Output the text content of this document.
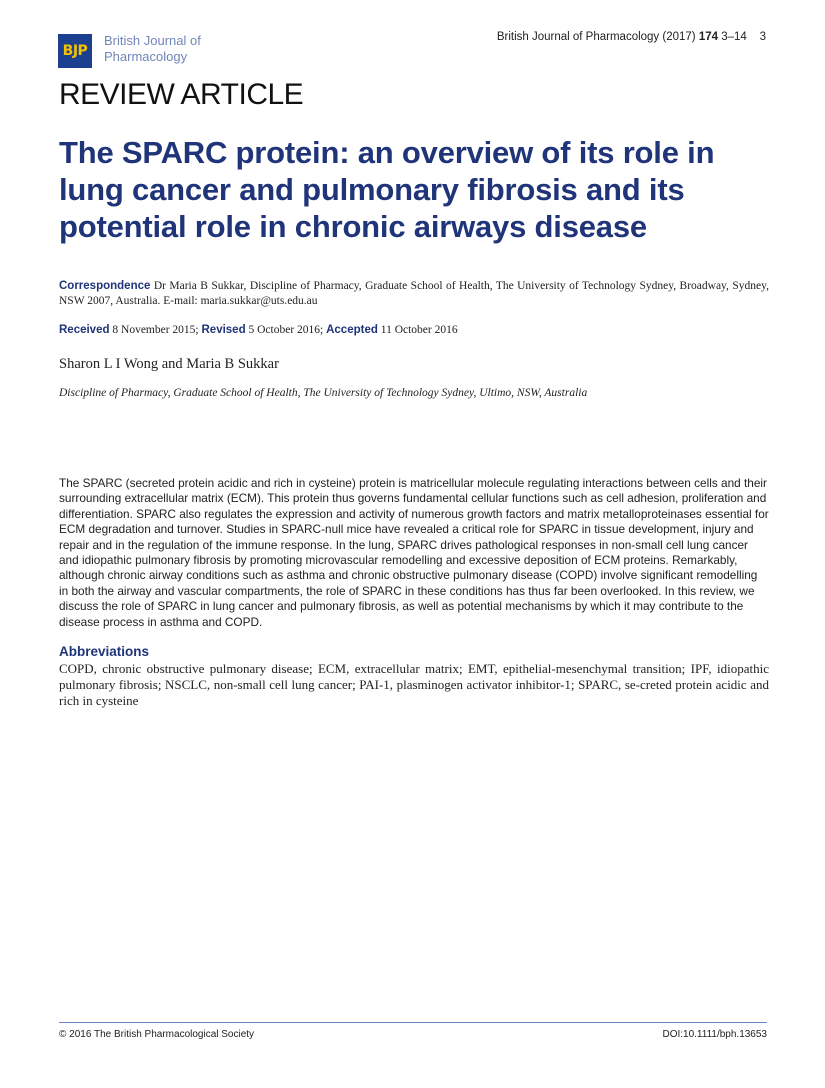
BJP
British Journal of
Pharmacology
British Journal of Pharmacology (2017) 174 3–14 3
REVIEW ARTICLE
The SPARC protein: an overview of its role in lung cancer and pulmonary fibrosis and its potential role in chronic airways disease
Correspondence Dr Maria B Sukkar, Discipline of Pharmacy, Graduate School of Health, The University of Technology Sydney, Broadway, Sydney, NSW 2007, Australia. E-mail: maria.sukkar@uts.edu.au
Received 8 November 2015; Revised 5 October 2016; Accepted 11 October 2016
Sharon L I Wong and Maria B Sukkar
Discipline of Pharmacy, Graduate School of Health, The University of Technology Sydney, Ultimo, NSW, Australia

The SPARC (secreted protein acidic and rich in cysteine) protein is matricellular molecule regulating interactions between cells and their surrounding extracellular matrix (ECM). This protein thus governs fundamental cellular functions such as cell adhesion, proliferation and differentiation. SPARC also regulates the expression and activity of numerous growth factors and matrix metalloproteinases essential for ECM degradation and turnover. Studies in SPARC-null mice have revealed a critical role for SPARC in tissue development, injury and repair and in the regulation of the immune response. In the lung, SPARC drives pathological responses in non-small cell lung cancer and idiopathic pulmonary fibrosis by promoting microvascular remodelling and excessive deposition of ECM proteins. Remarkably, although chronic airway conditions such as asthma and chronic obstructive pulmonary disease (COPD) involve significant remodelling in both the airway and vascular compartments, the role of SPARC in these conditions has thus far been overlooked. In this review, we discuss the role of SPARC in lung cancer and pulmonary fibrosis, as well as potential mechanisms by which it may contribute to the disease process in asthma and COPD.

Abbreviations

COPD, chronic obstructive pulmonary disease; ECM, extracellular matrix; EMT, epithelial-mesenchymal transition; IPF, idiopathic pulmonary fibrosis; NSCLC, non-small cell lung cancer; PAI-1, plasminogen activator inhibitor-1; SPARC, se-creted protein acidic and rich in cysteine

© 2016 The British Pharmacological Society	DOI:10.1111/bph.13653
